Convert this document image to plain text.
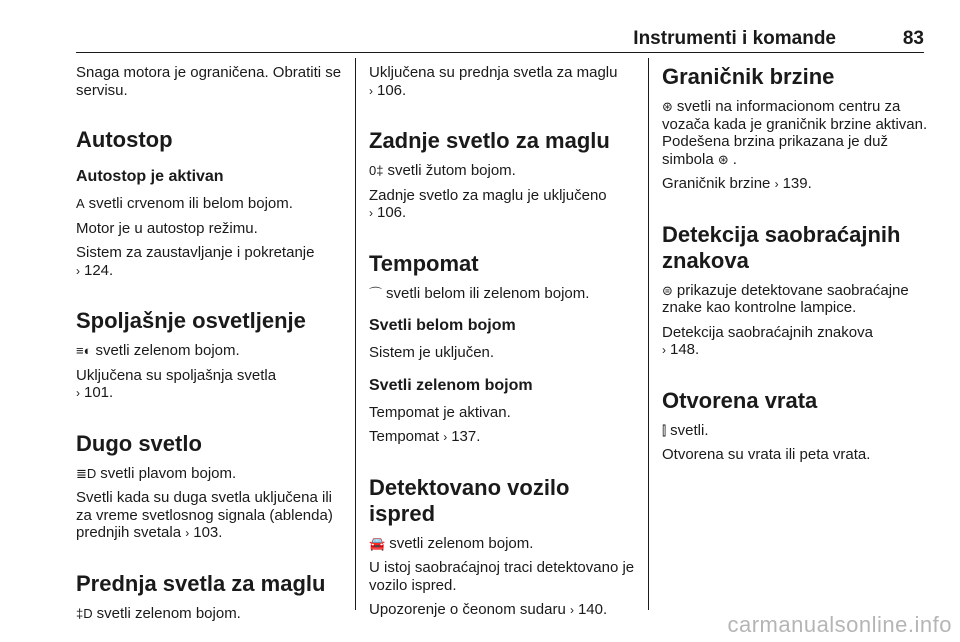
Instrumenti i komande	83

Snaga motora je ograničena. Obratiti se servisu.

Autostop
Autostop je aktivan

A svetli crvenom ili belom bojom.

Motor je u autostop režimu.

Sistem za zaustavljanje i pokretanje
› 124.

Spoljašnje osvetljenje

≡◐ svetli zelenom bojom.

Uključena su spoljašnja svetla
› 101.

Dugo svetlo

≣D svetli plavom bojom.

Svetli kada su duga svetla uključena ili za vreme svetlosnog signala (ablenda) prednjih svetala › 103.

Prednja svetla za maglu

‡D svetli zelenom bojom.

Uključena su prednja svetla za maglu
› 106.

Zadnje svetlo za maglu

0‡ svetli žutom bojom.

Zadnje svetlo za maglu je uključeno
› 106.

Tempomat

⌒ svetli belom ili zelenom bojom.

Svetli belom bojom

Sistem je uključen.

Svetli zelenom bojom

Tempomat je aktivan.

Tempomat › 137.

Detektovano vozilo ispred

🚘 svetli zelenom bojom.

U istoj saobraćajnoj traci detektovano je vozilo ispred.

Upozorenje o čeonom sudaru › 140.

Graničnik brzine

⊛ svetli na informacionom centru za vozača kada je graničnik brzine aktivan. Podešena brzina prikazana je duž simbola ⊛ .

Graničnik brzine › 139.

Detekcija saobraćajnih znakova

⊜ prikazuje detektovane saobraćajne znake kao kontrolne lampice.

Detekcija saobraćajnih znakova
› 148.

Otvorena vrata

⫿ svetli.

Otvorena su vrata ili peta vrata.

carmanualsonline.info
